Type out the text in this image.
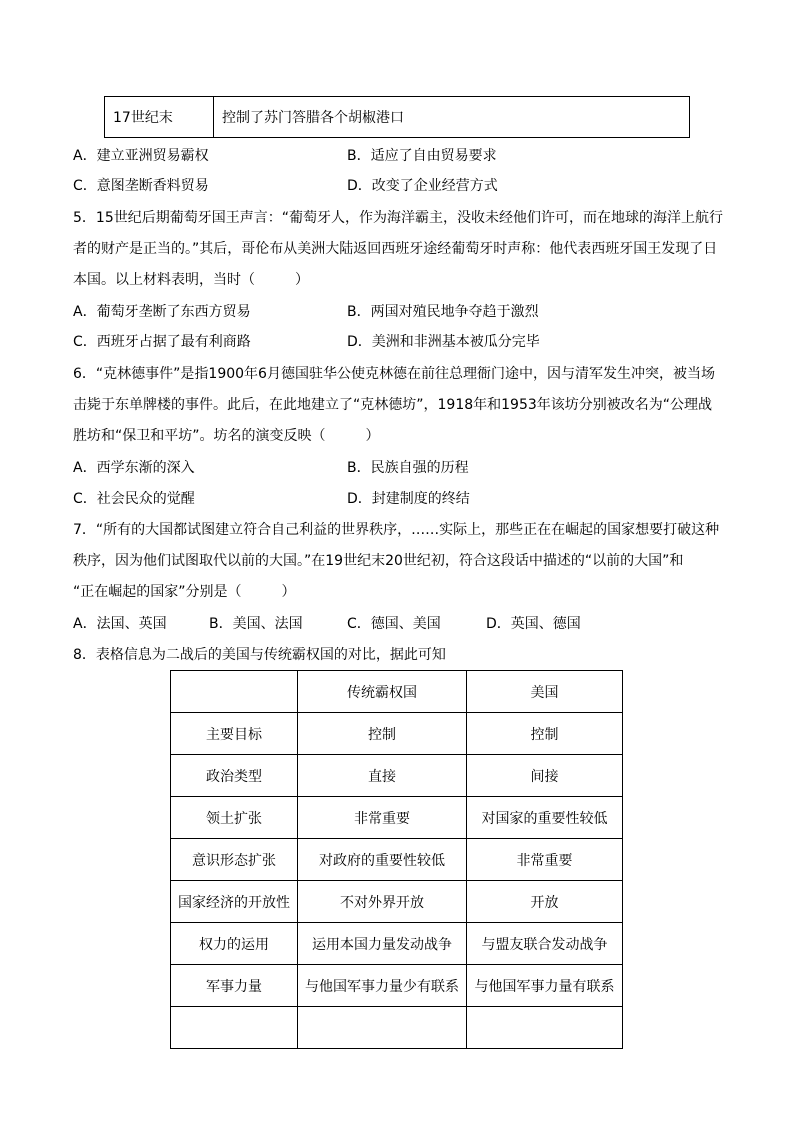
17世纪末	控制了苏门答腊各个胡椒港口
A．建立亚洲贸易霸权	B．适应了自由贸易要求
C．意图垄断香料贸易	D．改变了企业经营方式
5．15世纪后期葡萄牙国王声言：“葡萄牙人，作为海洋霸主，没收未经他们许可，而在地球的海洋上航行
者的财产是正当的。”其后，哥伦布从美洲大陆返回西班牙途经葡萄牙时声称：他代表西班牙国王发现了日
本国。以上材料表明，当时（	）
A．葡萄牙垄断了东西方贸易	B．两国对殖民地争夺趋于激烈
C．西班牙占据了最有利商路	D．美洲和非洲基本被瓜分完毕
6．“克林德事件”是指1900年6月德国驻华公使克林德在前往总理衙门途中，因与清军发生冲突，被当场
击毙于东单牌楼的事件。此后，在此地建立了“克林德坊”，1918年和1953年该坊分别被改名为“公理战
胜坊和“保卫和平坊”。坊名的演变反映（	）
A．西学东渐的深入	B．民族自强的历程
C．社会民众的觉醒	D．封建制度的终结
7．“所有的大国都试图建立符合自己利益的世界秩序，……实际上，那些正在在崛起的国家想要打破这种
秩序，因为他们试图取代以前的大国。”在19世纪末20世纪初，符合这段话中描述的“以前的大国”和
“正在崛起的国家”分别是（	）
A．法国、英国	B．美国、法国	C．德国、美国	D．英国、德国
8．表格信息为二战后的美国与传统霸权国的对比，据此可知
	传统霸权国	美国
主要目标	控制	控制
政治类型	直接	间接
领土扩张	非常重要	对国家的重要性较低
意识形态扩张	对政府的重要性较低	非常重要
国家经济的开放性	不对外界开放	开放
权力的运用	运用本国力量发动战争	与盟友联合发动战争
军事力量	与他国军事力量少有联系	与他国军事力量有联系
